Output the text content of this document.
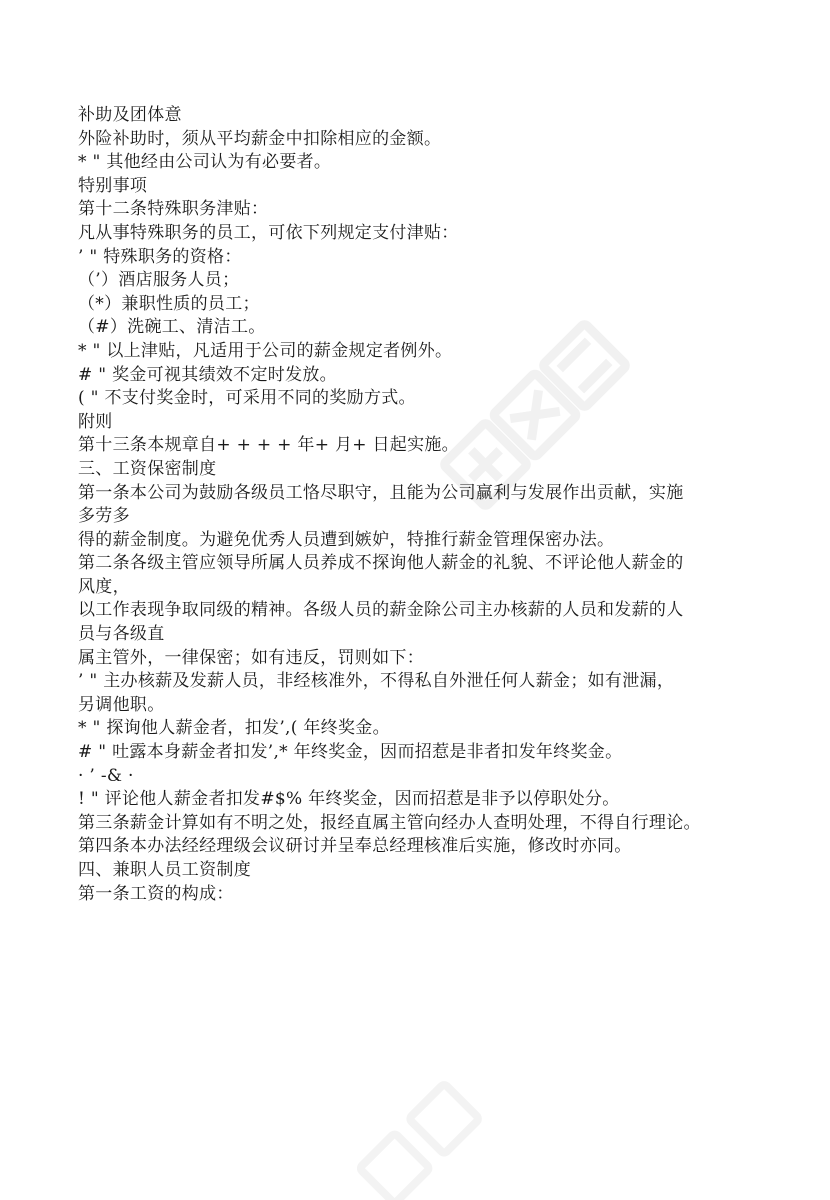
补助及团体意
外险补助时，须从平均薪金中扣除相应的金额。
* " 其他经由公司认为有必要者。
特别事项
第十二条特殊职务津贴：
凡从事特殊职务的员工，可依下列规定支付津贴：
’ " 特殊职务的资格：
（’）酒店服务人员；
（*）兼职性质的员工；
（#）洗碗工、清洁工。
* " 以上津贴，凡适用于公司的薪金规定者例外。
# " 奖金可视其绩效不定时发放。
( " 不支付奖金时，可采用不同的奖励方式。
附则
第十三条本规章自+ + + + 年+ 月+ 日起实施。
三、工资保密制度
第一条本公司为鼓励各级员工恪尽职守，且能为公司赢利与发展作出贡献，实施
多劳多
得的薪金制度。为避免优秀人员遭到嫉妒，特推行薪金管理保密办法。
第二条各级主管应领导所属人员养成不探询他人薪金的礼貌、不评论他人薪金的
风度，
以工作表现争取同级的精神。各级人员的薪金除公司主办核薪的人员和发薪的人
员与各级直
属主管外，一律保密；如有违反，罚则如下：
’ " 主办核薪及发薪人员，非经核准外，不得私自外泄任何人薪金；如有泄漏，
另调他职。
* " 探询他人薪金者，扣发’,( 年终奖金。
# " 吐露本身薪金者扣发’,* 年终奖金，因而招惹是非者扣发年终奖金。
· ’ -& ·
! " 评论他人薪金者扣发#$% 年终奖金，因而招惹是非予以停职处分。
第三条薪金计算如有不明之处，报经直属主管向经办人查明处理，不得自行理论。
第四条本办法经经理级会议研讨并呈奉总经理核准后实施，修改时亦同。
四、兼职人员工资制度
第一条工资的构成：
